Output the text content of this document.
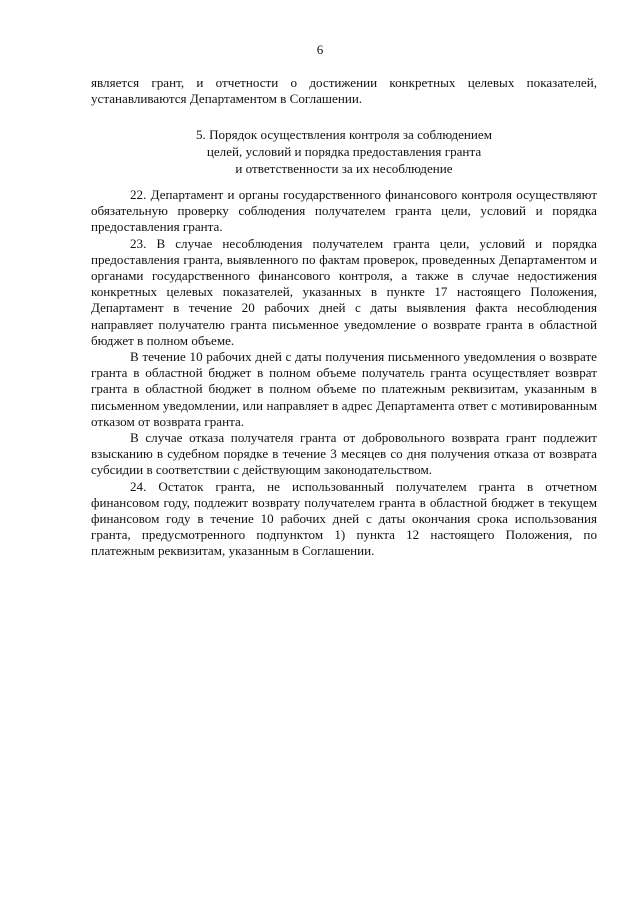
6

является грант, и отчетности о достижении конкретных целевых показателей, устанавливаются Департаментом в Соглашении.

5. Порядок осуществления контроля за соблюдением
целей, условий и порядка предоставления гранта
и ответственности за их несоблюдение

22. Департамент и органы государственного финансового контроля осуществляют обязательную проверку соблюдения получателем гранта цели, условий и порядка предоставления гранта.

23. В случае несоблюдения получателем гранта цели, условий и порядка предоставления гранта, выявленного по фактам проверок, проведенных Департаментом и органами государственного финансового контроля, а также в случае недостижения конкретных целевых показателей, указанных в пункте 17 настоящего Положения, Департамент в течение 20 рабочих дней с даты выявления факта несоблюдения направляет получателю гранта письменное уведомление о возврате гранта в областной бюджет в полном объеме.

В течение 10 рабочих дней с даты получения письменного уведомления о возврате гранта в областной бюджет в полном объеме получатель гранта осуществляет возврат гранта в областной бюджет в полном объеме по платежным реквизитам, указанным в письменном уведомлении, или направляет в адрес Департамента ответ с мотивированным отказом от возврата гранта.

В случае отказа получателя гранта от добровольного возврата грант подлежит взысканию в судебном порядке в течение 3 месяцев со дня получения отказа от возврата субсидии в соответствии с действующим законодательством.

24. Остаток гранта, не использованный получателем гранта в отчетном финансовом году, подлежит возврату получателем гранта в областной бюджет в текущем финансовом году в течение 10 рабочих дней с даты окончания срока использования гранта, предусмотренного подпунктом 1) пункта 12 настоящего Положения, по платежным реквизитам, указанным в Соглашении.
